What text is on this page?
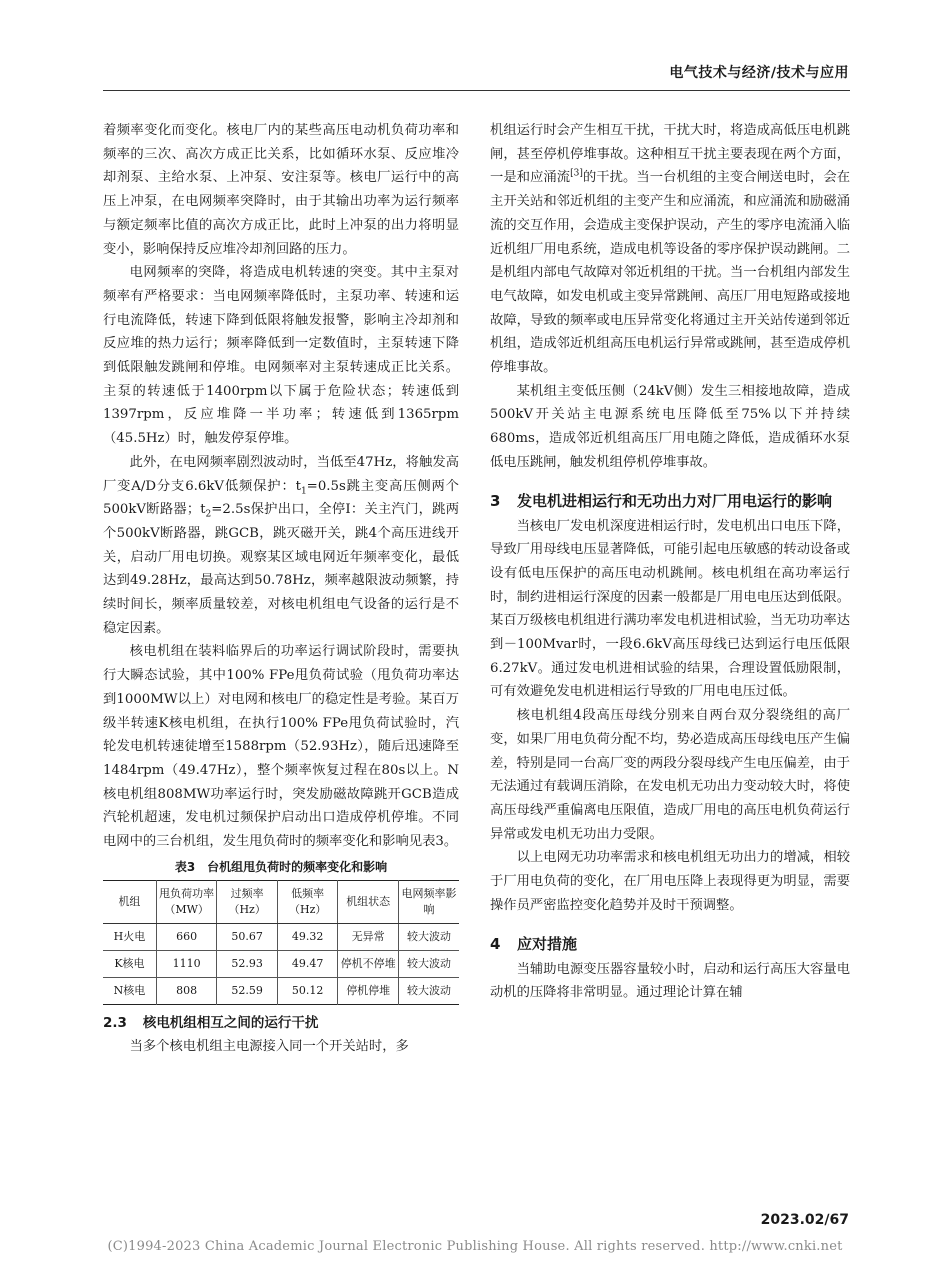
电气技术与经济∕技术与应用

着频率变化而变化。核电厂内的某些高压电动机负荷功率和频率的三次、高次方成正比关系，比如循环水泵、反应堆冷却剂泵、主给水泵、上冲泵、安注泵等。核电厂运行中的高压上冲泵，在电网频率突降时，由于其输出功率为运行频率与额定频率比值的高次方成正比，此时上冲泵的出力将明显变小，影响保持反应堆冷却剂回路的压力。

电网频率的突降，将造成电机转速的突变。其中主泵对频率有严格要求：当电网频率降低时，主泵功率、转速和运行电流降低，转速下降到低限将触发报警，影响主冷却剂和反应堆的热力运行；频率降低到一定数值时，主泵转速下降到低限触发跳闸和停堆。电网频率对主泵转速成正比关系。主泵的转速低于1400rpm以下属于危险状态；转速低到1397rpm，反应堆降一半功率；转速低到1365rpm（45.5Hz）时，触发停泵停堆。

此外，在电网频率剧烈波动时，当低至47Hz，将触发高厂变A/D分支6.6kV低频保护：$t_1=0.5s$跳主变高压侧两个500kV断路器；$t_2=2.5s$保护出口，全停Ⅰ：关主汽门，跳两个500kV断路器，跳GCB，跳灭磁开关，跳4个高压进线开关，启动厂用电切换。观察某区域电网近年频率变化，最低达到49.28Hz，最高达到50.78Hz，频率越限波动频繁，持续时间长，频率质量较差，对核电机组电气设备的运行是不稳定因素。

核电机组在装料临界后的功率运行调试阶段时，需要执行大瞬态试验，其中100% FPe甩负荷试验（甩负荷功率达到1000MW以上）对电网和核电厂的稳定性是考验。某百万级半转速K核电机组，在执行100% FPe甩负荷试验时，汽轮发电机转速徒增至1588rpm（52.93Hz），随后迅速降至1484rpm（49.47Hz），整个频率恢复过程在80s以上。N核电机组808MW功率运行时，突发励磁故障跳开GCB造成汽轮机超速，发电机过频保护启动出口造成停机停堆。不同电网中的三台机组，发生甩负荷时的频率变化和影响见表3。

表3　台机组甩负荷时的频率变化和影响
机组	甩负荷功率（MW）	过频率（Hz）	低频率（Hz）	机组状态	电网频率影响
H火电	660	50.67	49.32	无异常	较大波动
K核电	1110	52.93	49.47	停机不停堆	较大波动
N核电	808	52.59	50.12	停机停堆	较大波动
2.3 核电机组相互之间的运行干扰

当多个核电机组主电源接入同一个开关站时，多

机组运行时会产生相互干扰，干扰大时，将造成高低压电机跳闸，甚至停机停堆事故。这种相互干扰主要表现在两个方面，一是和应涌流[3]的干扰。当一台机组的主变合闸送电时，会在主开关站和邻近机组的主变产生和应涌流，和应涌流和励磁涌流的交互作用，会造成主变保护误动，产生的零序电流涌入临近机组厂用电系统，造成电机等设备的零序保护误动跳闸。二是机组内部电气故障对邻近机组的干扰。当一台机组内部发生电气故障，如发电机或主变异常跳闸、高压厂用电短路或接地故障，导致的频率或电压异常变化将通过主开关站传递到邻近机组，造成邻近机组高压电机运行异常或跳闸，甚至造成停机停堆事故。

某机组主变低压侧（24kV侧）发生三相接地故障，造成500kV开关站主电源系统电压降低至75%以下并持续680ms，造成邻近机组高压厂用电随之降低，造成循环水泵低电压跳闸，触发机组停机停堆事故。

3	发电机进相运行和无功出力对厂用电运行的影响

当核电厂发电机深度进相运行时，发电机出口电压下降，导致厂用母线电压显著降低，可能引起电压敏感的转动设备或设有低电压保护的高压电动机跳闸。核电机组在高功率运行时，制约进相运行深度的因素一般都是厂用电电压达到低限。某百万级核电机组进行满功率发电机进相试验，当无功功率达到－100Mvar时，一段6.6kV高压母线已达到运行电压低限6.27kV。通过发电机进相试验的结果，合理设置低励限制，可有效避免发电机进相运行导致的厂用电电压过低。

核电机组4段高压母线分别来自两台双分裂绕组的高厂变，如果厂用电负荷分配不均，势必造成高压母线电压产生偏差，特别是同一台高厂变的两段分裂母线产生电压偏差，由于无法通过有载调压消除，在发电机无功出力变动较大时，将使高压母线严重偏离电压限值，造成厂用电的高压电机负荷运行异常或发电机无功出力受限。

以上电网无功功率需求和核电机组无功出力的增减，相较于厂用电负荷的变化，在厂用电压降上表现得更为明显，需要操作员严密监控变化趋势并及时干预调整。

4	应对措施

当辅助电源变压器容量较小时，启动和运行高压大容量电动机的压降将非常明显。通过理论计算在辅

2023.02∕67
(C)1994-2023 China Academic Journal Electronic Publishing House. All rights reserved. http://www.cnki.net
